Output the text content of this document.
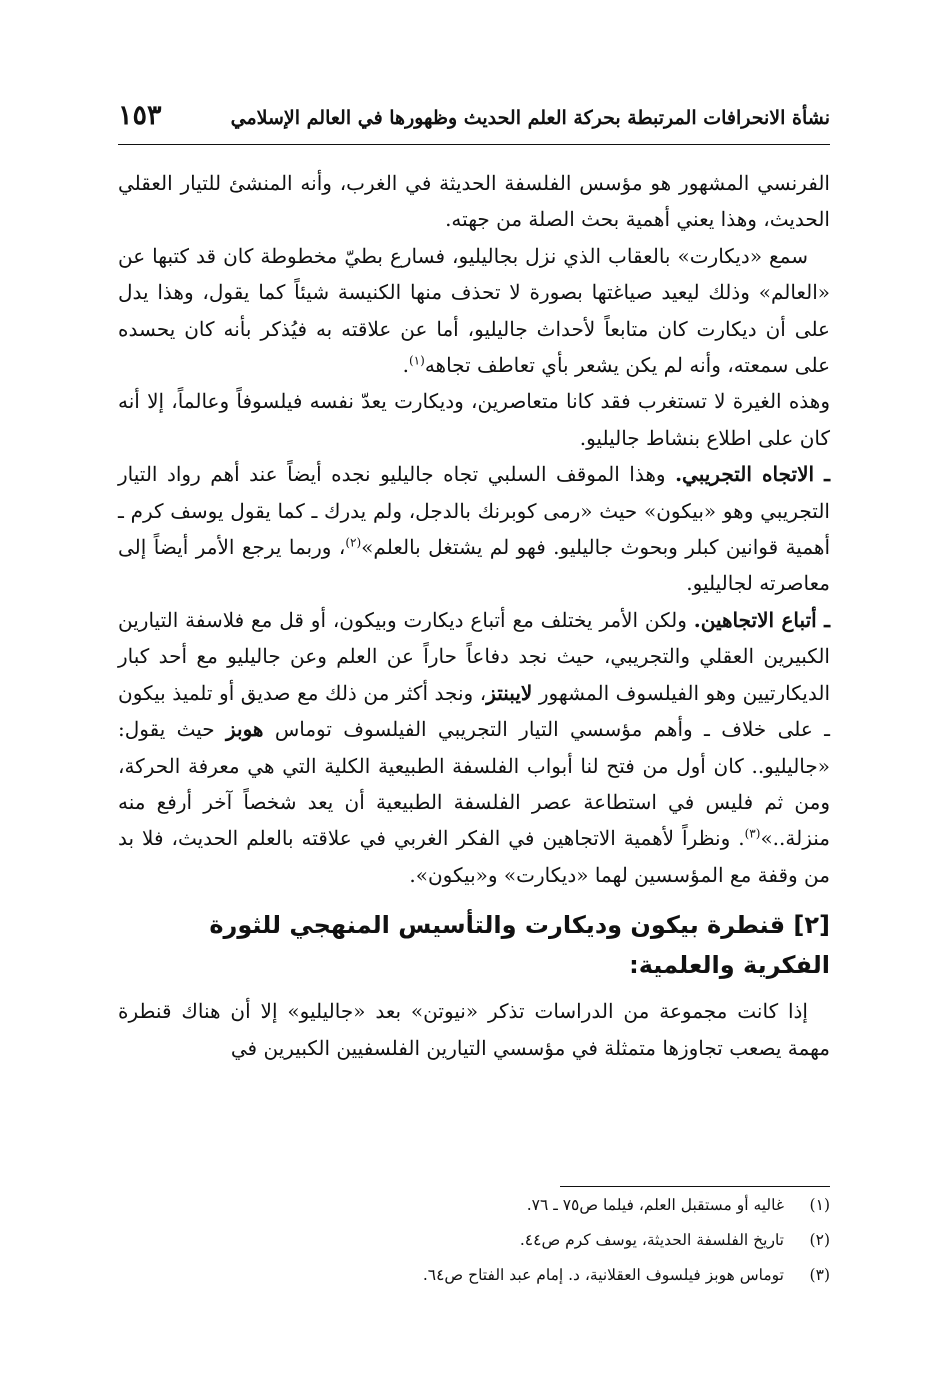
نشأة الانحرافات المرتبطة بحركة العلم الحديث وظهورها في العالم الإسلامي
١٥٣

الفرنسي المشهور هو مؤسس الفلسفة الحديثة في الغرب، وأنه المنشئ للتيار العقلي الحديث، وهذا يعني أهمية بحث الصلة من جهته.

سمع «ديكارت» بالعقاب الذي نزل بجاليليو، فسارع بطيّ مخطوطة كان قد كتبها عن «العالم» وذلك ليعيد صياغتها بصورة لا تحذف منها الكنيسة شيئاً كما يقول، وهذا يدل على أن ديكارت كان متابعاً لأحداث جاليليو، أما عن علاقته به فيُذكر بأنه كان يحسده على سمعته، وأنه لم يكن يشعر بأي تعاطف تجاهه$^{(١)}$.

وهذه الغيرة لا تستغرب فقد كانا متعاصرين، وديكارت يعدّ نفسه فيلسوفاً وعالماً، إلا أنه كان على اطلاع بنشاط جاليليو.

ـ الاتجاه التجريبي. وهذا الموقف السلبي تجاه جاليليو نجده أيضاً عند أهم رواد التيار التجريبي وهو «بيكون» حيث «رمى كوبرنك بالدجل، ولم يدرك ـ كما يقول يوسف كرم ـ أهمية قوانين كبلر وبحوث جاليليو. فهو لم يشتغل بالعلم»$^{(٢)}$، وربما يرجع الأمر أيضاً إلى معاصرته لجاليليو.

ـ أتباع الاتجاهين. ولكن الأمر يختلف مع أتباع ديكارت وبيكون، أو قل مع فلاسفة التيارين الكبيرين العقلي والتجريبي، حيث نجد دفاعاً حاراً عن العلم وعن جاليليو مع أحد كبار الديكارتيين وهو الفيلسوف المشهور لايبنتز، ونجد أكثر من ذلك مع صديق أو تلميذ بيكون ـ على خلاف ـ وأهم مؤسسي التيار التجريبي الفيلسوف توماس هوبز حيث يقول: «جاليليو.. كان أول من فتح لنا أبواب الفلسفة الطبيعية الكلية التي هي معرفة الحركة، ومن ثم فليس في استطاعة عصر الفلسفة الطبيعية أن يعد شخصاً آخر أرفع منه منزلة..»$^{(٣)}$. ونظراً لأهمية الاتجاهين في الفكر الغربي في علاقته بالعلم الحديث، فلا بد من وقفة مع المؤسسين لهما «ديكارت» و«بيكون».

[٢] قنطرة بيكون وديكارت والتأسيس المنهجي للثورة الفكرية والعلمية:

إذا كانت مجموعة من الدراسات تذكر «نيوتن» بعد «جاليليو» إلا أن هناك قنطرة مهمة يصعب تجاوزها متمثلة في مؤسسي التيارين الفلسفيين الكبيرين في

(١)غاليه أو مستقبل العلم، فيلما ص٧٥ ـ ٧٦.
(٢)تاريخ الفلسفة الحديثة، يوسف كرم ص٤٤.
(٣)توماس هوبز فيلسوف العقلانية، د. إمام عبد الفتاح ص٦٤.
